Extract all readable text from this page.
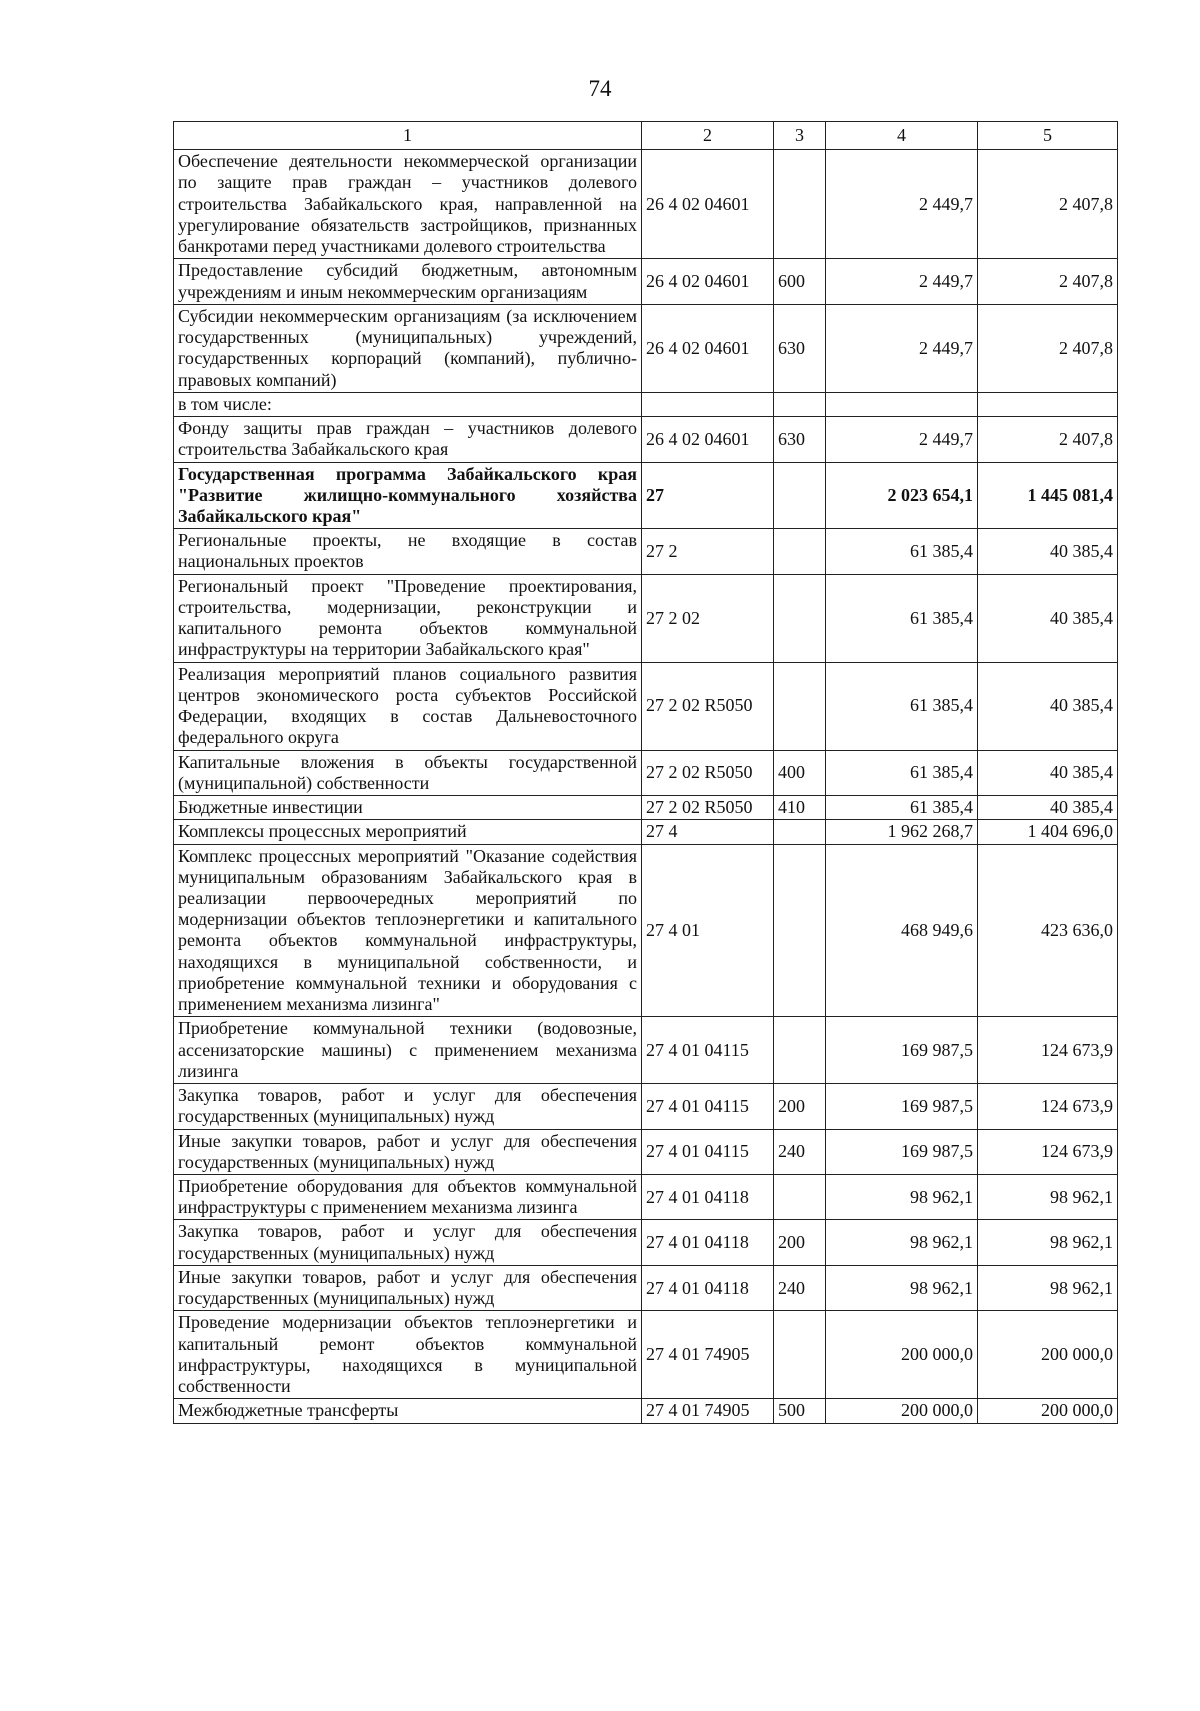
74
1	2	3	4	5
Обеспечение деятельности некоммерческой организации по защите прав граждан – участников долевого строительства Забайкальского края, направленной на урегулирование обязательств застройщиков, признанных банкротами перед участниками долевого строительства	26 4 02 04601		2 449,7	2 407,8
Предоставление субсидий бюджетным, автономным учреждениям и иным некоммерческим организациям	26 4 02 04601	600	2 449,7	2 407,8
Субсидии некоммерческим организациям (за исключением государственных (муниципальных) учреждений, государственных корпораций (компаний), публично-правовых компаний)	26 4 02 04601	630	2 449,7	2 407,8
в том числе:				
Фонду защиты прав граждан – участников долевого строительства Забайкальского края	26 4 02 04601	630	2 449,7	2 407,8
Государственная программа Забайкальского края "Развитие жилищно-коммунального хозяйства Забайкальского края"	27		2 023 654,1	1 445 081,4
Региональные проекты, не входящие в состав национальных проектов	27 2		61 385,4	40 385,4
Региональный проект "Проведение проектирования, строительства, модернизации, реконструкции и капитального ремонта объектов коммунальной инфраструктуры на территории Забайкальского края"	27 2 02		61 385,4	40 385,4
Реализация мероприятий планов социального развития центров экономического роста субъектов Российской Федерации, входящих в состав Дальневосточного федерального округа	27 2 02 R5050		61 385,4	40 385,4
Капитальные вложения в объекты государственной (муниципальной) собственности	27 2 02 R5050	400	61 385,4	40 385,4
Бюджетные инвестиции	27 2 02 R5050	410	61 385,4	40 385,4
Комплексы процессных мероприятий	27 4		1 962 268,7	1 404 696,0
Комплекс процессных мероприятий "Оказание содействия муниципальным образованиям Забайкальского края в реализации первоочередных мероприятий по модернизации объектов теплоэнергетики и капитального ремонта объектов коммунальной инфраструктуры, находящихся в муниципальной собственности, и приобретение коммунальной техники и оборудования с применением механизма лизинга"	27 4 01		468 949,6	423 636,0
Приобретение коммунальной техники (водовозные, ассенизаторские машины) с применением механизма лизинга	27 4 01 04115		169 987,5	124 673,9
Закупка товаров, работ и услуг для обеспечения государственных (муниципальных) нужд	27 4 01 04115	200	169 987,5	124 673,9
Иные закупки товаров, работ и услуг для обеспечения государственных (муниципальных) нужд	27 4 01 04115	240	169 987,5	124 673,9
Приобретение оборудования для объектов коммунальной инфраструктуры с применением механизма лизинга	27 4 01 04118		98 962,1	98 962,1
Закупка товаров, работ и услуг для обеспечения государственных (муниципальных) нужд	27 4 01 04118	200	98 962,1	98 962,1
Иные закупки товаров, работ и услуг для обеспечения государственных (муниципальных) нужд	27 4 01 04118	240	98 962,1	98 962,1
Проведение модернизации объектов теплоэнергетики и капитальный ремонт объектов коммунальной инфраструктуры, находящихся в муниципальной собственности	27 4 01 74905		200 000,0	200 000,0
Межбюджетные трансферты	27 4 01 74905	500	200 000,0	200 000,0
